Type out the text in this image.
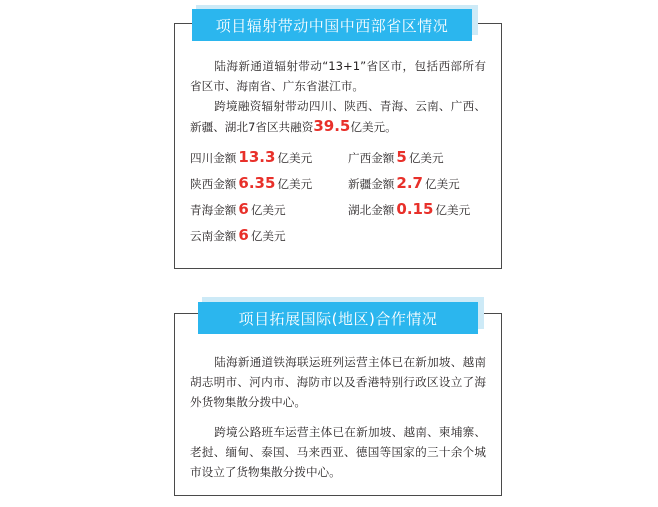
项目辐射带动中国中西部省区情况
陆海新通道辐射带动“13+1”省区市，包括西部所有省区市、海南省、广东省湛江市。
跨境融资辐射带动四川、陕西、青海、云南、广西、新疆、湖北7省区共融资39.5亿美元。
四川金额 13.3 亿美元	广西金额 5 亿美元
陕西金额 6.35 亿美元	新疆金额 2.7 亿美元
青海金额 6 亿美元	湖北金额 0.15 亿美元
云南金额 6 亿美元
项目拓展国际(地区)合作情况
陆海新通道铁海联运班列运营主体已在新加坡、越南胡志明市、河内市、海防市以及香港特别行政区设立了海外货物集散分拨中心。
跨境公路班车运营主体已在新加坡、越南、柬埔寨、老挝、缅甸、泰国、马来西亚、德国等国家的三十余个城市设立了货物集散分拨中心。
